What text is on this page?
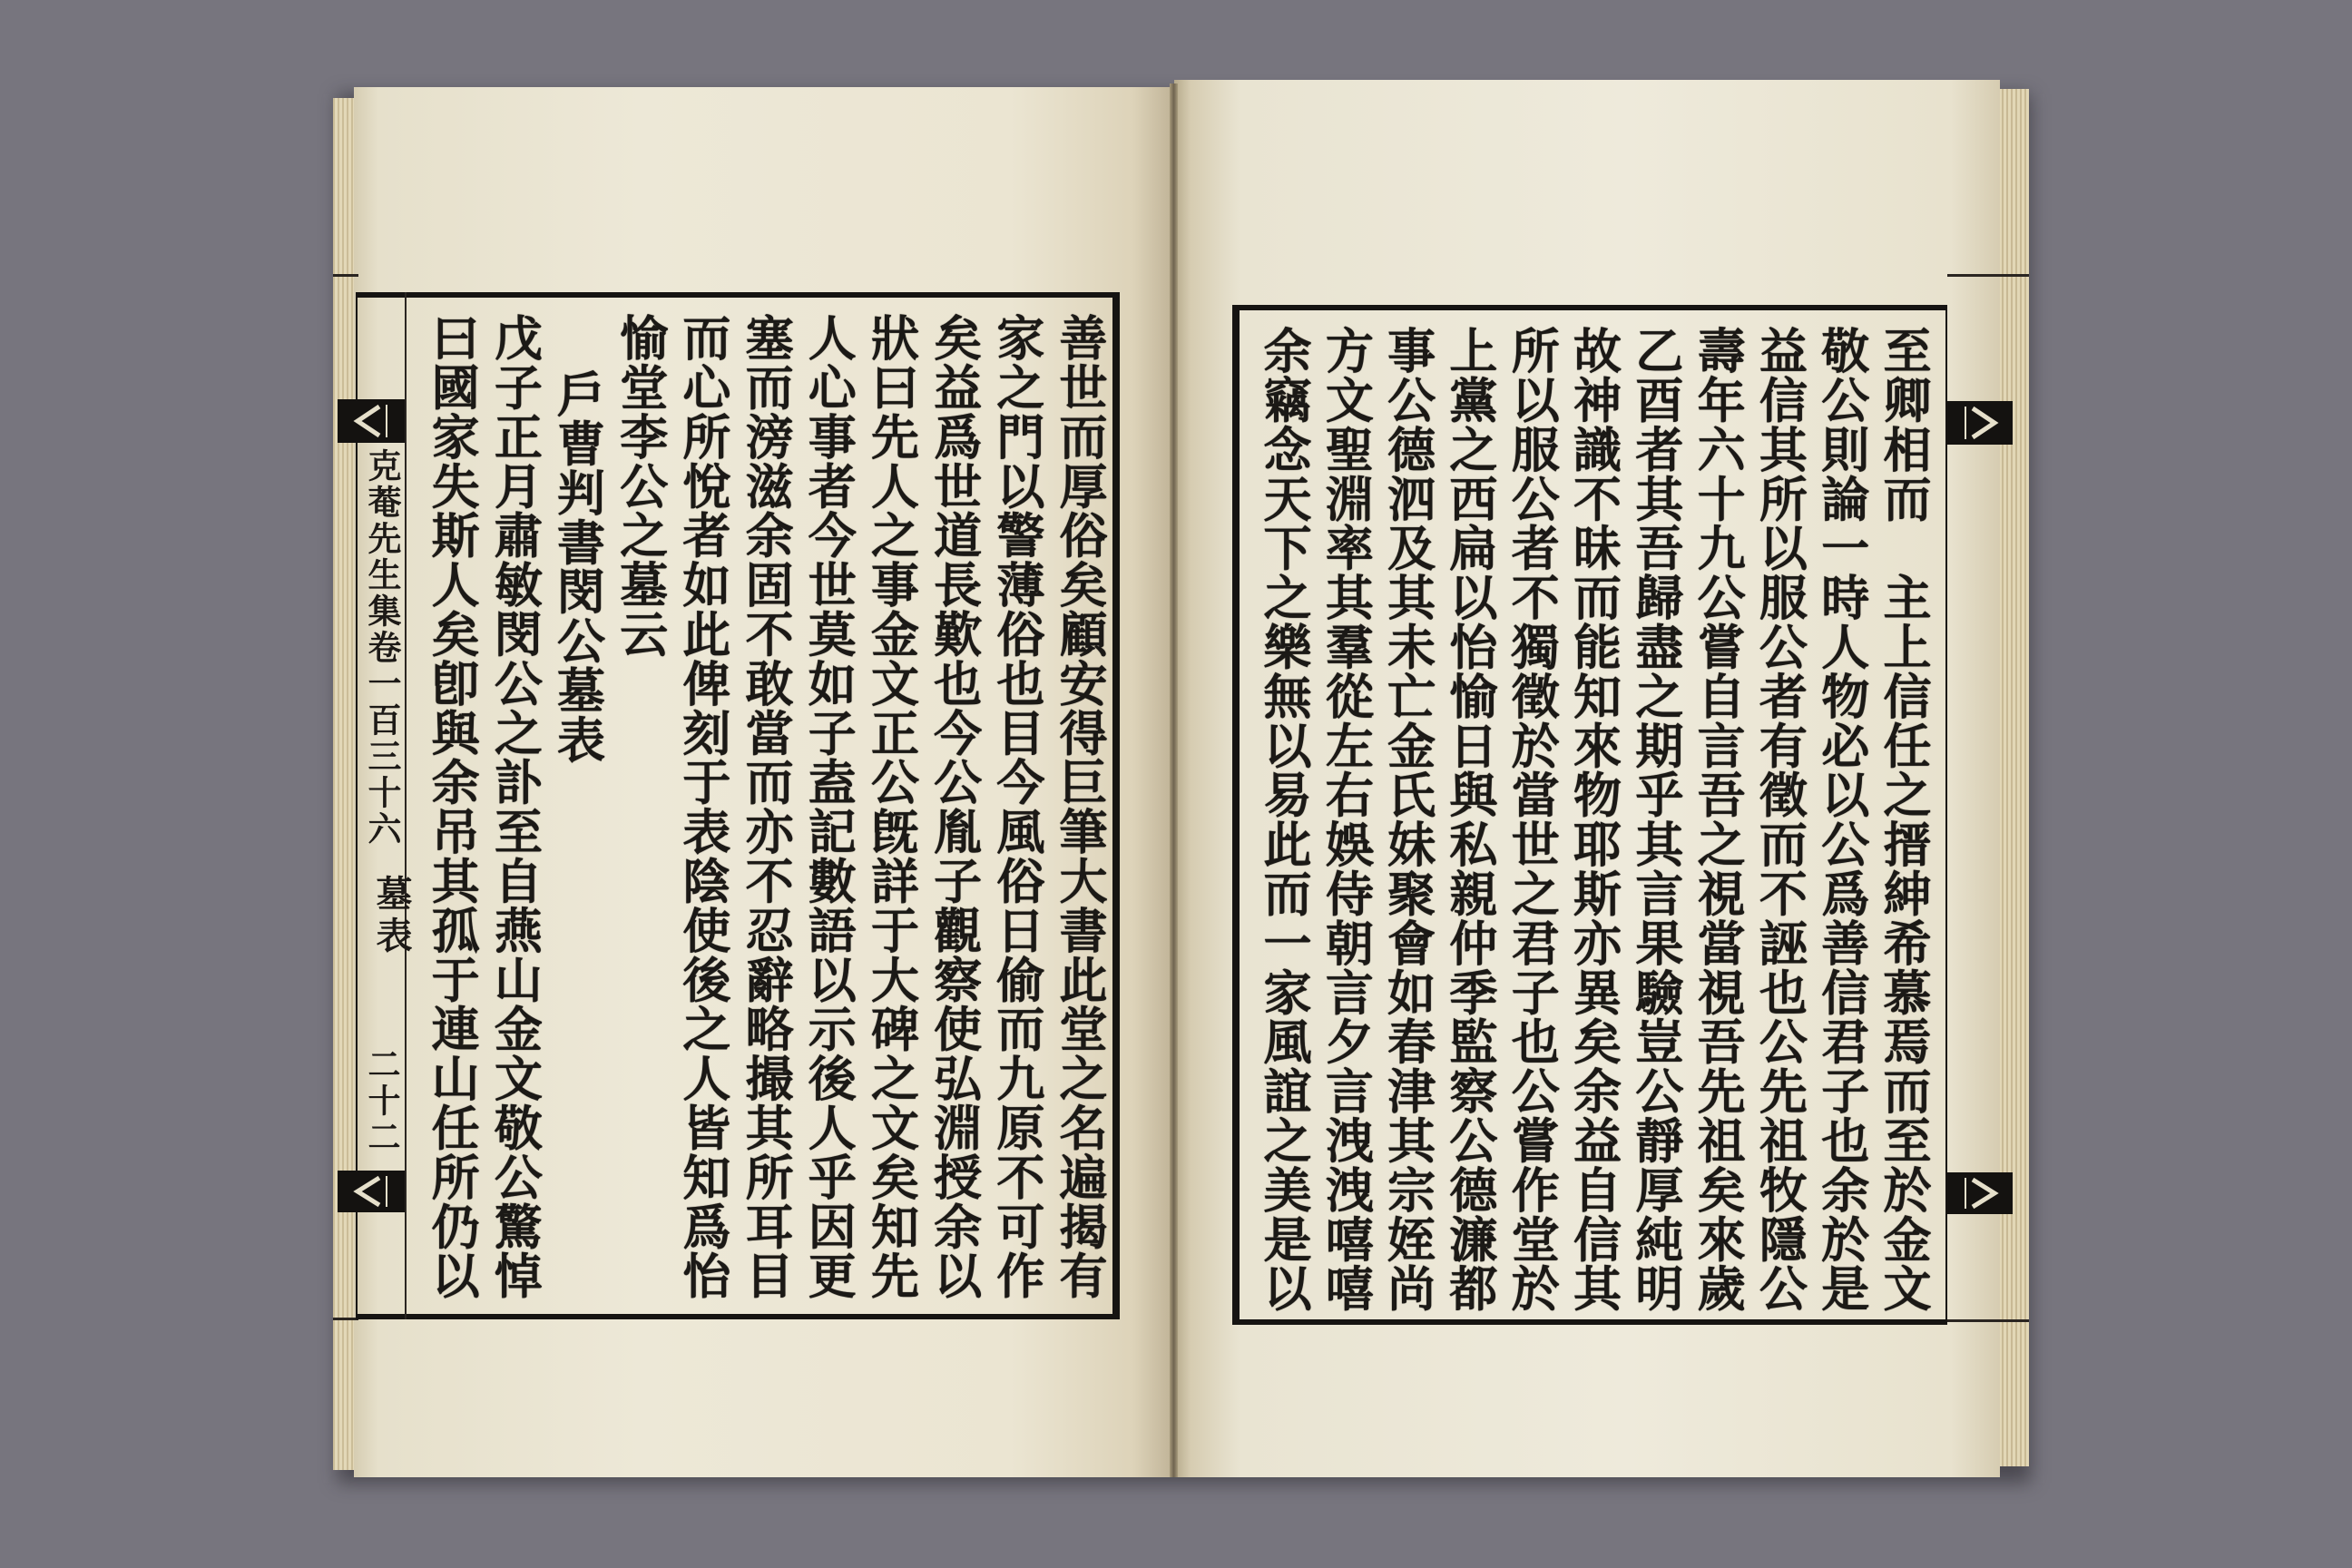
克菴先生集卷一百三十六
墓表
二十二	善世而厚俗矣顧安得巨筆大書此堂之名遍揭有
家之門以警薄俗也目今風俗日偷而九原不可作
矣益爲世道長歎也今公胤子觀察使弘淵授余以
狀曰先人之事金文正公旣詳于大碑之文矣知先
人心事者今世莫如子盍記數語以示後人乎因更
塞而滂滋余固不敢當而亦不忍辭略撮其所耳目
而心所悅者如此俾刻于表陰使後之人皆知爲怡
愉堂李公之墓云
戶曹判書閔公墓表
戊子正月肅敏閔公之訃至自燕山金文敬公驚悼
曰國家失斯人矣卽與余吊其孤于連山任所仍以	至卿相而　主上信任之搢紳希慕焉而至於金文
敬公則論一時人物必以公爲善信君子也余於是
益信其所以服公者有徵而不誣也公先祖牧隱公
壽年六十九公嘗自言吾之視當視吾先祖矣來歲
乙酉者其吾歸盡之期乎其言果驗豈公靜厚純明
故神識不昧而能知來物耶斯亦異矣余益自信其
所以服公者不獨徵於當世之君子也公嘗作堂於
上黨之西扁以怡愉日與私親仲季監察公德濂都
事公德泗及其未亡金氏妹聚會如春津其宗姪尚
方文聖淵率其羣從左右娛侍朝言夕言洩洩嘻嘻
余竊念天下之樂無以易此而一家風誼之美是以
